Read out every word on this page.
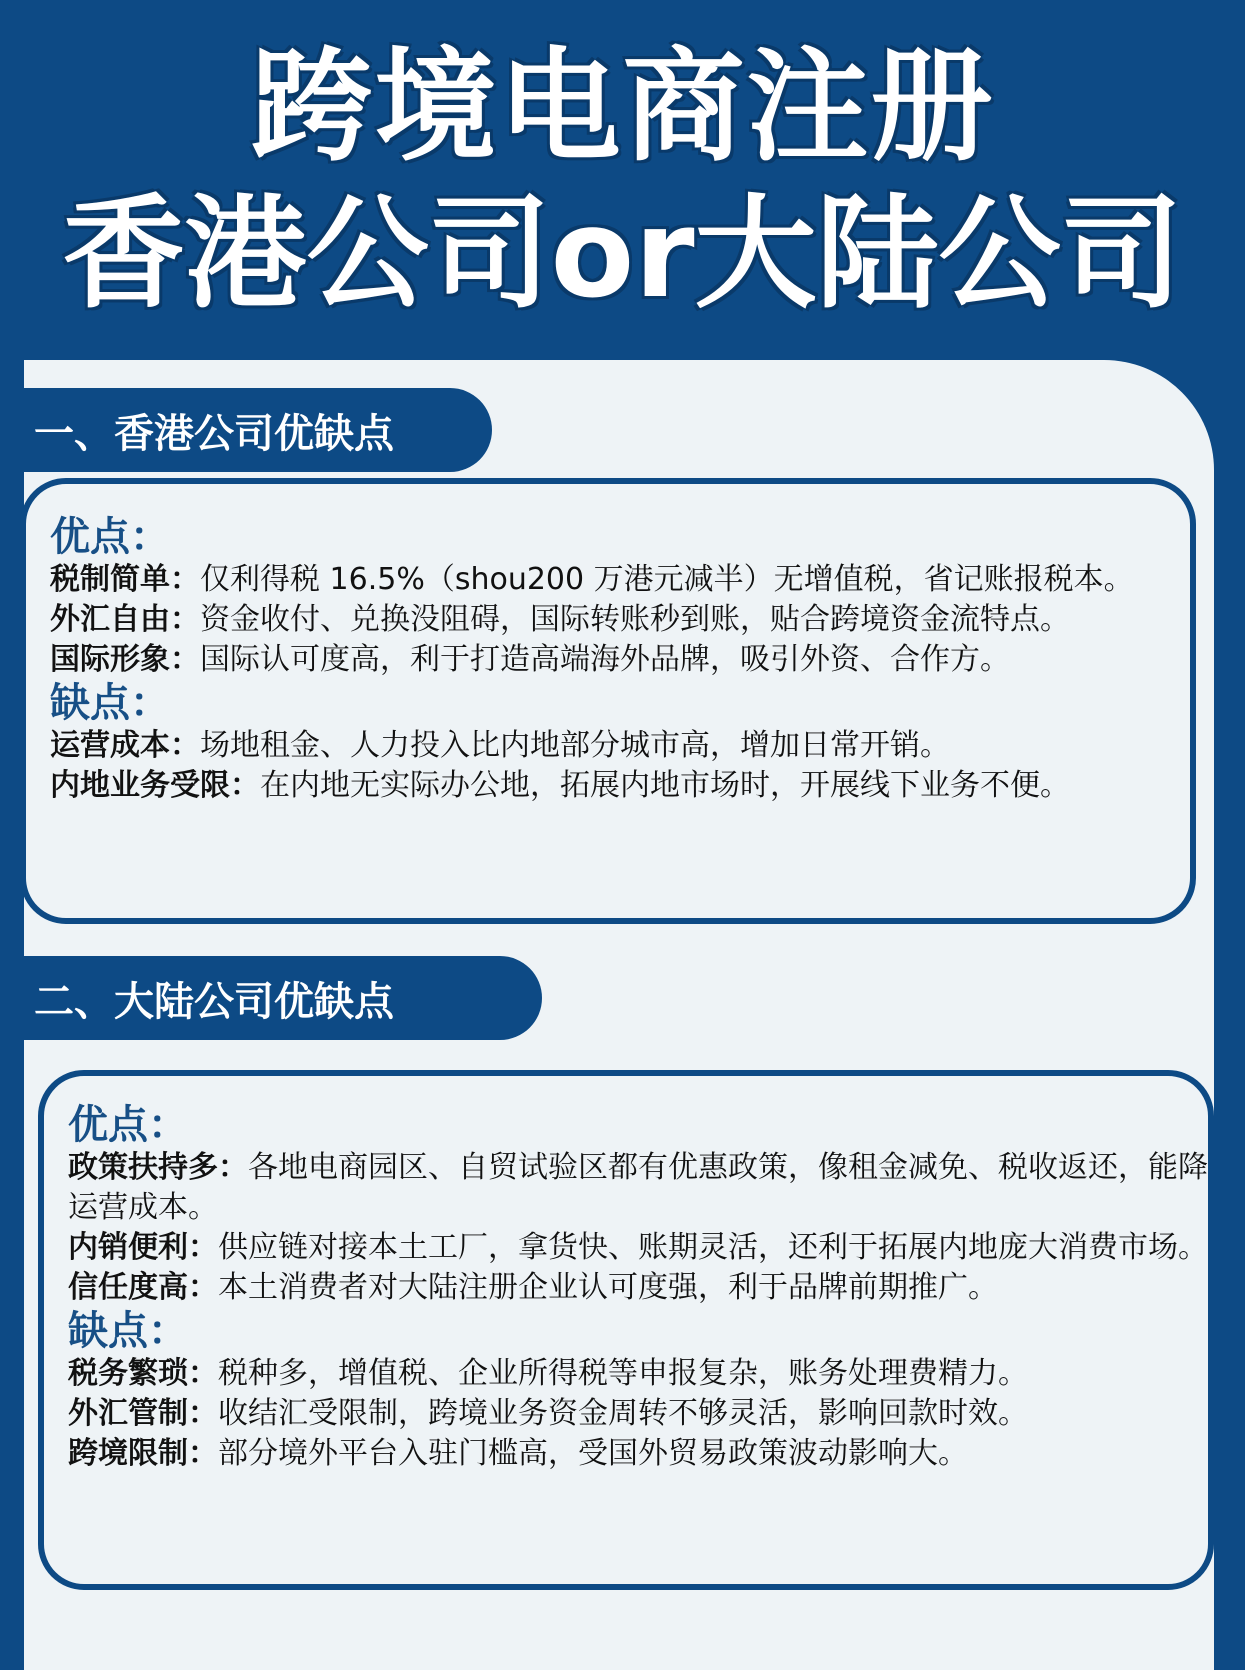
跨境电商注册
香港公司or大陆公司
一、香港公司优缺点

优点：

税制简单：仅利得税 16.5%（shou200 万港元减半）无增值税，省记账报税本。

外汇自由：资金收付、兑换没阻碍，国际转账秒到账，贴合跨境资金流特点。

国际形象：国际认可度高，利于打造高端海外品牌，吸引外资、合作方。

缺点：

运营成本：场地租金、人力投入比内地部分城市高，增加日常开销。

内地业务受限：在内地无实际办公地，拓展内地市场时，开展线下业务不便。

二、大陆公司优缺点

优点：

政策扶持多：各地电商园区、自贸试验区都有优惠政策，像租金减免、税收返还，能降运营成本。

内销便利：供应链对接本土工厂，拿货快、账期灵活，还利于拓展内地庞大消费市场。

信任度高：本土消费者对大陆注册企业认可度强，利于品牌前期推广。

缺点：

税务繁琐：税种多，增值税、企业所得税等申报复杂，账务处理费精力。

外汇管制：收结汇受限制，跨境业务资金周转不够灵活，影响回款时效。

跨境限制：部分境外平台入驻门槛高，受国外贸易政策波动影响大。
